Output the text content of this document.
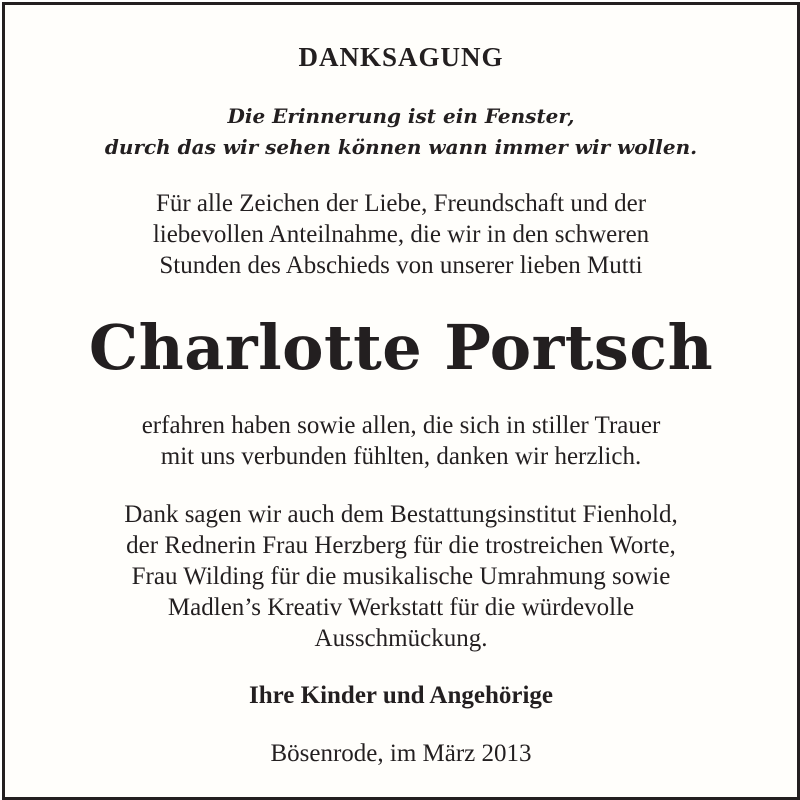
DANKSAGUNG
Die Erinnerung ist ein Fenster,
durch das wir sehen können wann immer wir wollen.
Für alle Zeichen der Liebe, Freundschaft und der
liebevollen Anteilnahme, die wir in den schweren
Stunden des Abschieds von unserer lieben Mutti
Charlotte Portsch
erfahren haben sowie allen, die sich in stiller Trauer
mit uns verbunden fühlten, danken wir herzlich.
Dank sagen wir auch dem Bestattungsinstitut Fienhold,
der Rednerin Frau Herzberg für die trostreichen Worte,
Frau Wilding für die musikalische Umrahmung sowie
Madlen’s Kreativ Werkstatt für die würdevolle
Ausschmückung.
Ihre Kinder und Angehörige
Bösenrode, im März 2013
